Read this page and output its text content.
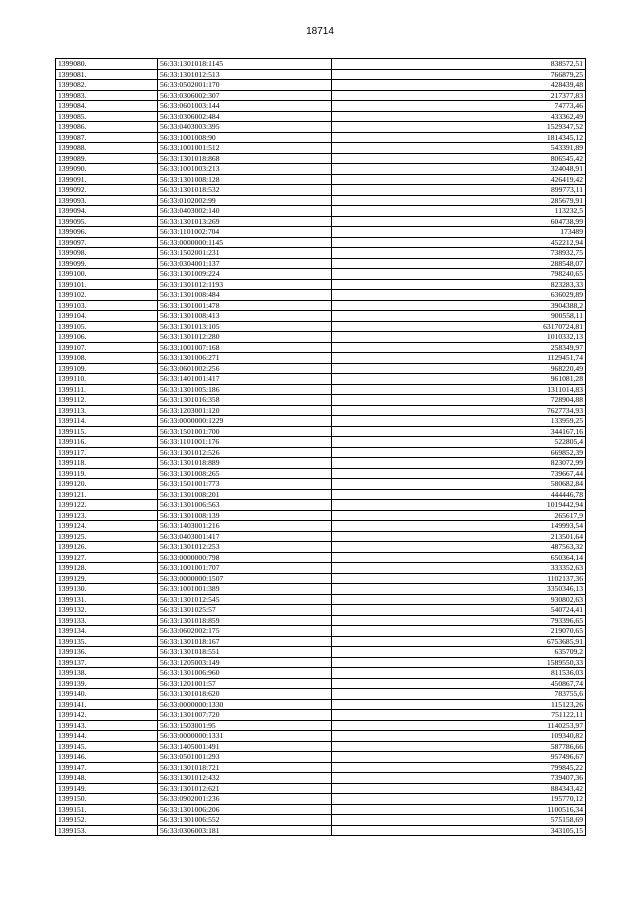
18714
1399080.	56:33:1301018:1145	838572,51
1399081.	56:33:1301012:513	766879,25
1399082.	56:33:0502001:170	428439,48
1399083.	56:33:0306002:307	217377,83
1399084.	56:33:0601003:144	74773,46
1399085.	56:33:0306002:484	433362,49
1399086.	56:33:0403003:395	1529347,52
1399087.	56:33:1001008:90	1814345,12
1399088.	56:33:1001001:512	543391,89
1399089.	56:33:1301018:868	806545,42
1399090.	56:33:1001003:213	324048,91
1399091.	56:33:1301008:128	426419,42
1399092.	56:33:1301018:532	899773,11
1399093.	56:33:0102002:99	285679,91
1399094.	56:33:0403002:140	113232,5
1399095.	56:33:1301013:269	604738,99
1399096.	56:33:1101002:704	173489
1399097.	56:33:0000000:1145	452212,94
1399098.	56:33:1502001:231	738932,75
1399099.	56:33:0304001:137	288548,07
1399100.	56:33:1301009:224	798240,65
1399101.	56:33:1301012:1193	823283,33
1399102.	56:33:1301008:484	636029,89
1399103.	56:33:1301001:478	3904388,2
1399104.	56:33:1301008:413	900558,11
1399105.	56:33:1301013:105	63170724,81
1399106.	56:33:1301012:280	1010332,13
1399107.	56:33:1001007:168	258349,97
1399108.	56:33:1301006:271	1129451,74
1399109.	56:33:0601002:256	968220,49
1399110.	56:33:1401001:417	961081,28
1399111.	56:33:1301005:186	1311014,83
1399112.	56:33:1301016:358	728904,88
1399113.	56:33:1203001:120	7627734,93
1399114.	56:33:0000000:1229	133959,25
1399115.	56:33:1501001:700	344167,16
1399116.	56:33:1101001:176	522805,4
1399117.	56:33:1301012:526	669852,39
1399118.	56:33:1301018:889	823072,99
1399119.	56:33:1301008:265	739667,44
1399120.	56:33:1501001:773	580682,84
1399121.	56:33:1301008:201	444446,78
1399122.	56:33:1301006:563	1019442,94
1399123.	56:33:1301008:139	265617,9
1399124.	56:33:1403001:216	149993,54
1399125.	56:33:0403001:417	213501,64
1399126.	56:33:1301012:253	487563,32
1399127.	56:33:0000000:798	650364,14
1399128.	56:33:1001001:707	333352,63
1399129.	56:33:0000000:1507	1102137,36
1399130.	56:33:1001001:389	3350346,13
1399131.	56:33:1301012:545	930802,63
1399132.	56:33:1301025:57	540724,41
1399133.	56:33:1301018:859	793396,65
1399134.	56:33:0602002:175	219070,65
1399135.	56:33:1301018:167	6753685,91
1399136.	56:33:1301018:551	635709,2
1399137.	56:33:1205003:149	1589550,33
1399138.	56:33:1301006:960	811536,03
1399139.	56:33:1201001:57	450867,74
1399140.	56:33:1301018:620	783755,6
1399141.	56:33:0000000:1330	115123,26
1399142.	56:33:1301007:720	751122,11
1399143.	56:33:1503001:95	1140253,97
1399144.	56:33:0000000:1331	109340,82
1399145.	56:33:1405001:491	587786,66
1399146.	56:33:0501001:293	957496,67
1399147.	56:33:1301018:721	799845,22
1399148.	56:33:1301012:432	739407,36
1399149.	56:33:1301012:621	884343,42
1399150.	56:33:0902001:236	195770,12
1399151.	56:33:1301006:206	1100516,34
1399152.	56:33:1301006:552	575158,69
1399153.	56:33:0306003:181	343105,15
